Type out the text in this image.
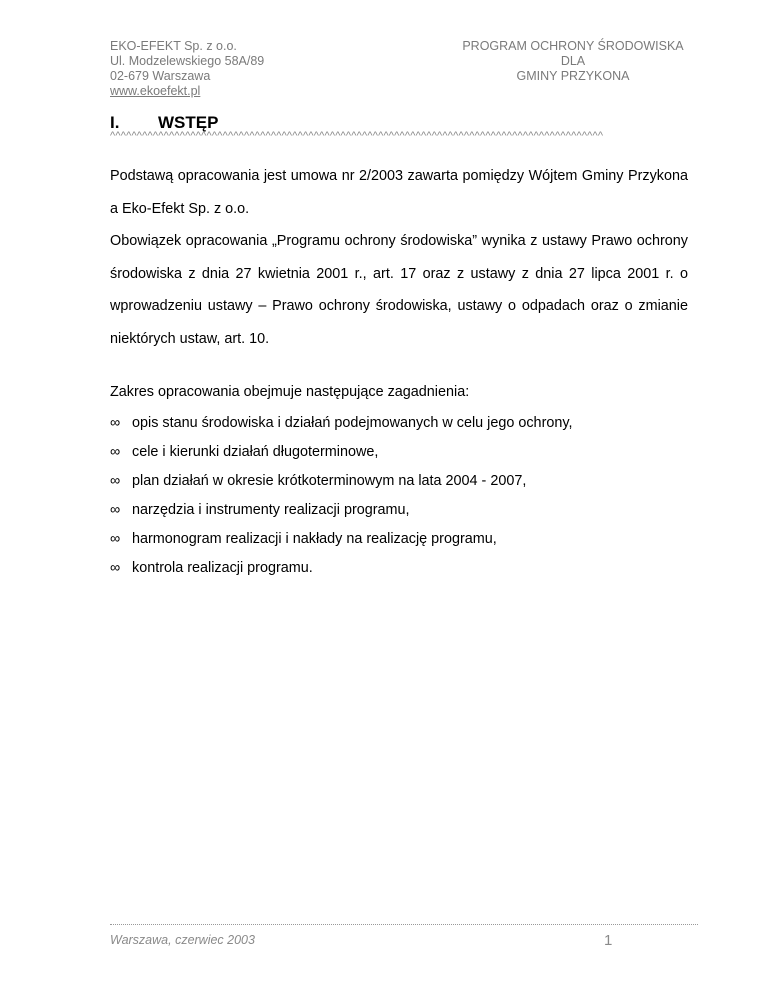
EKO-EFEKT Sp. z o.o.
Ul. Modzelewskiego 58A/89
02-679 Warszawa
www.ekoefekt.pl
PROGRAM OCHRONY ŚRODOWISKA
DLA
GMINY PRZYKONA
^^^^^^^^^^^^^^^^^^^^^^^^^^^^^^^^^^^^^^^^^^^^^^^^^^^^^^^^^^^^^^^^^^^^^^^^^^^^^^^^^^^^^^^^^^^^
I. WSTĘP

Podstawą opracowania jest umowa nr 2/2003 zawarta pomiędzy Wójtem Gminy Przykona a Eko-Efekt Sp. z o.o.

Obowiązek opracowania „Programu ochrony środowiska” wynika z ustawy Prawo ochrony środowiska z dnia 27 kwietnia 2001 r., art. 17 oraz z ustawy z dnia 27 lipca 2001 r. o wprowadzeniu ustawy – Prawo ochrony środowiska, ustawy o odpadach oraz o zmianie niektórych ustaw, art. 10.

Zakres opracowania obejmuje następujące zagadnienia:

∞ opis stanu środowiska i działań podejmowanych w celu jego ochrony,
∞ cele i kierunki działań długoterminowe,
∞ plan działań w okresie krótkoterminowym na lata 2004 - 2007,
∞ narzędzia i instrumenty realizacji programu,
∞ harmonogram realizacji i nakłady na realizację programu,
∞ kontrola realizacji programu.
Warszawa, czerwiec 2003	1
